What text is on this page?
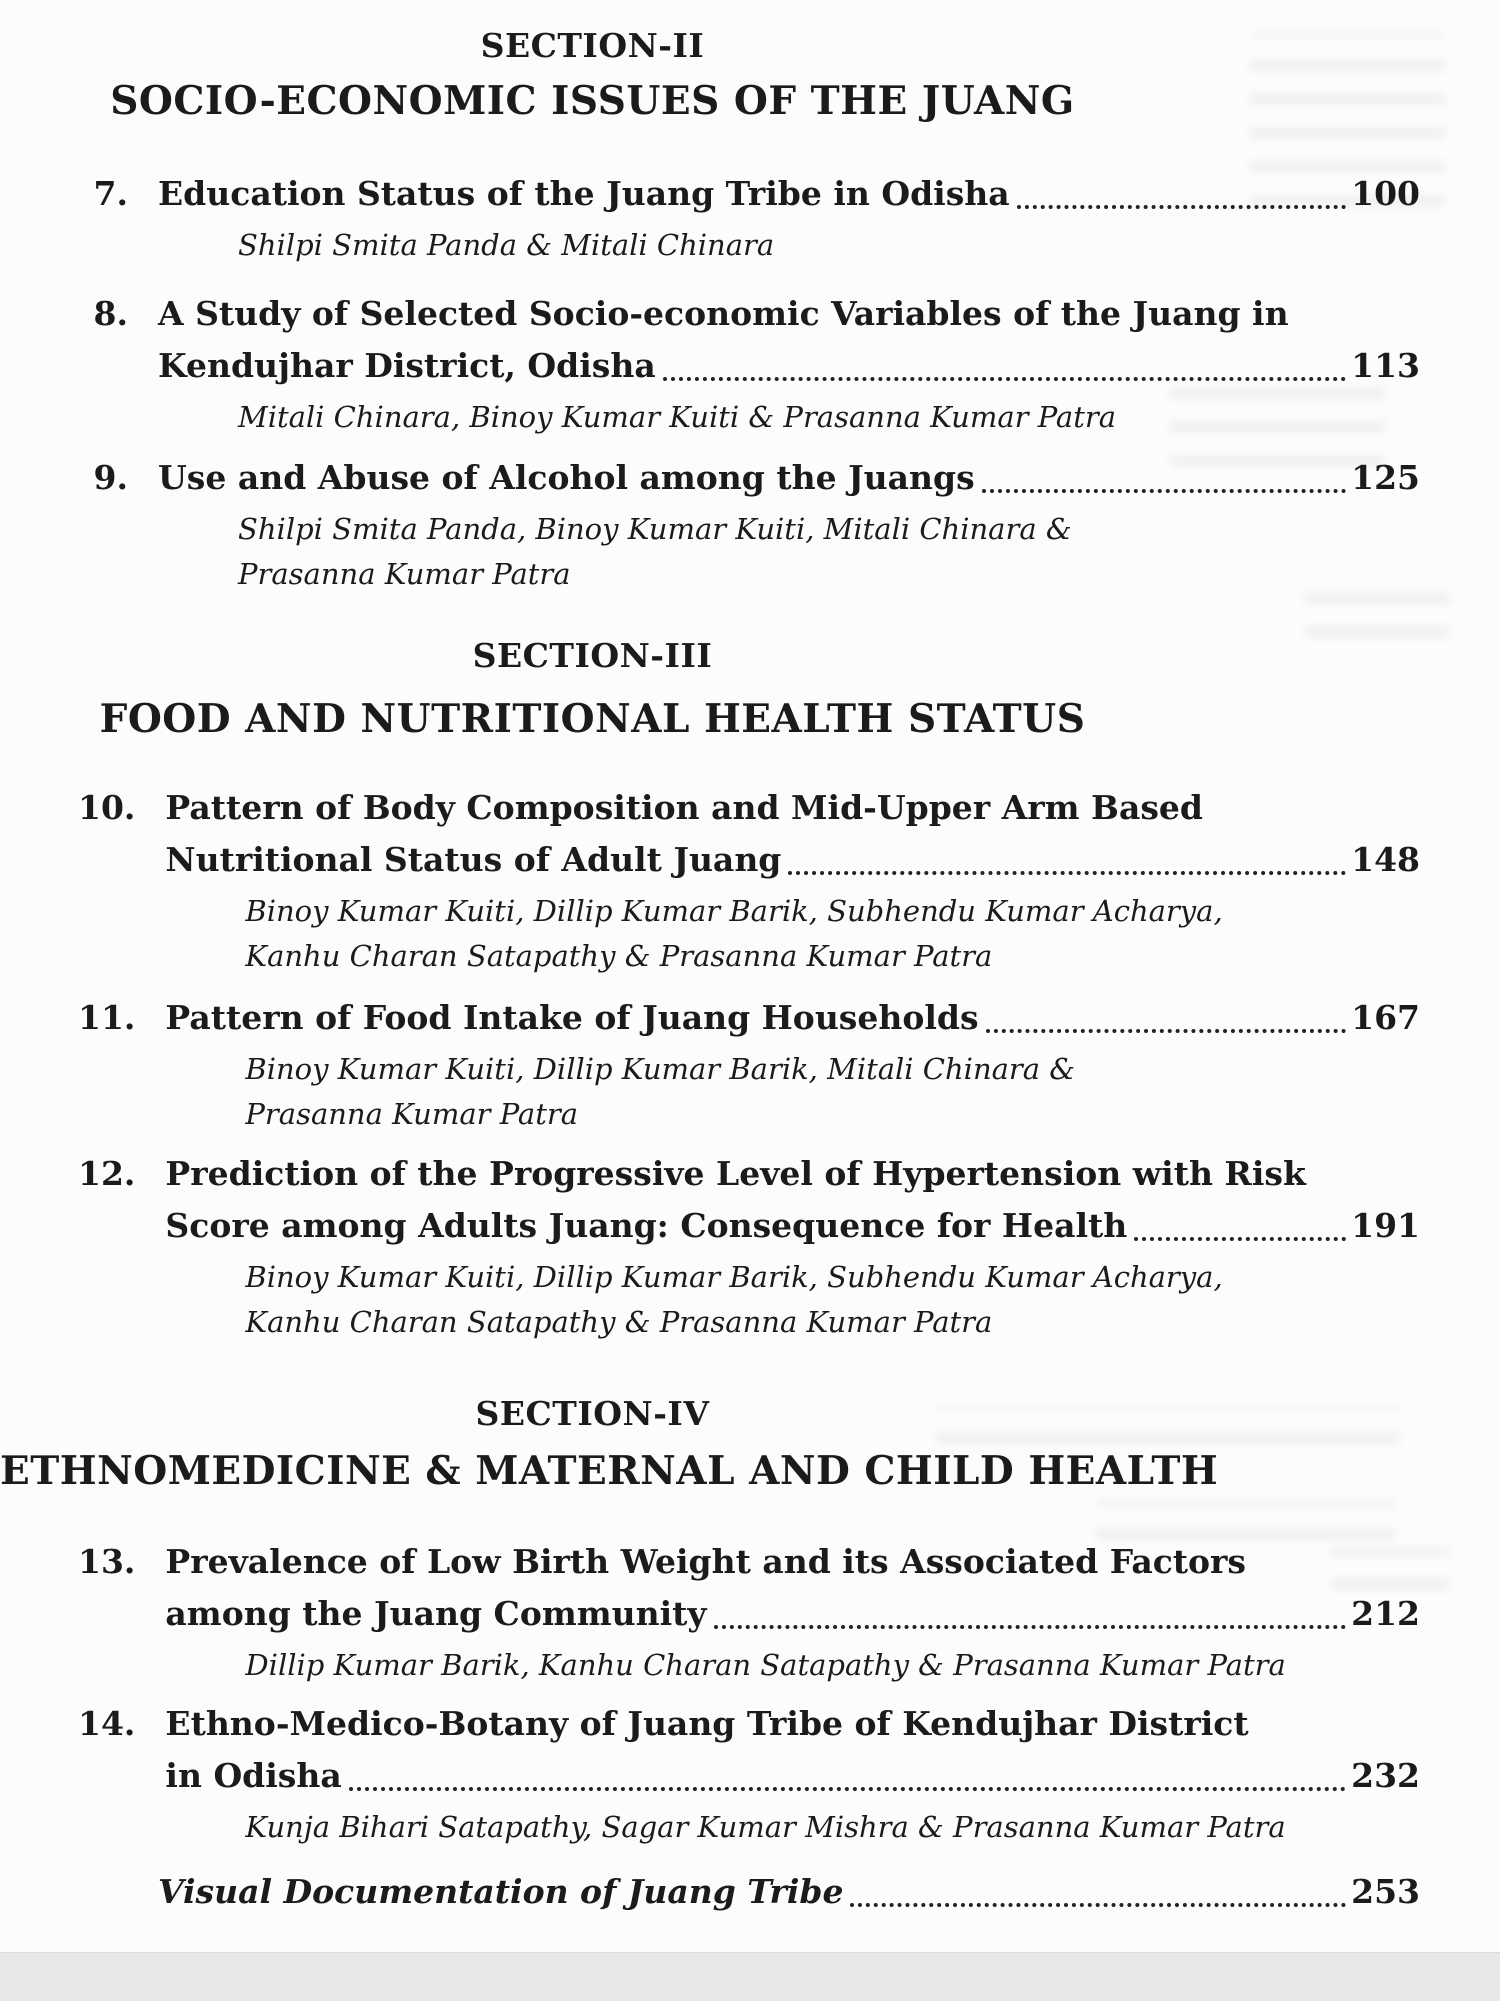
SECTION-II
SOCIO-ECONOMIC ISSUES OF THE JUANG
7. Education Status of the Juang Tribe in Odisha	100
Shilpi Smita Panda & Mitali Chinara
8. A Study of Selected Socio-economic Variables of the Juang in
Kendujhar District, Odisha	113
Mitali Chinara, Binoy Kumar Kuiti & Prasanna Kumar Patra
9. Use and Abuse of Alcohol among the Juangs	125
Shilpi Smita Panda, Binoy Kumar Kuiti, Mitali Chinara &
Prasanna Kumar Patra
SECTION-III
FOOD AND NUTRITIONAL HEALTH STATUS
10. Pattern of Body Composition and Mid-Upper Arm Based
Nutritional Status of Adult Juang	148
Binoy Kumar Kuiti, Dillip Kumar Barik, Subhendu Kumar Acharya,
Kanhu Charan Satapathy & Prasanna Kumar Patra
11. Pattern of Food Intake of Juang Households	167
Binoy Kumar Kuiti, Dillip Kumar Barik, Mitali Chinara &
Prasanna Kumar Patra
12. Prediction of the Progressive Level of Hypertension with Risk
Score among Adults Juang: Consequence for Health	191
Binoy Kumar Kuiti, Dillip Kumar Barik, Subhendu Kumar Acharya,
Kanhu Charan Satapathy & Prasanna Kumar Patra
SECTION-IV
ETHNOMEDICINE & MATERNAL AND CHILD HEALTH
13. Prevalence of Low Birth Weight and its Associated Factors
among the Juang Community	212
Dillip Kumar Barik, Kanhu Charan Satapathy & Prasanna Kumar Patra
14. Ethno-Medico-Botany of Juang Tribe of Kendujhar District
in Odisha	232
Kunja Bihari Satapathy, Sagar Kumar Mishra & Prasanna Kumar Patra
Visual Documentation of Juang Tribe	253
